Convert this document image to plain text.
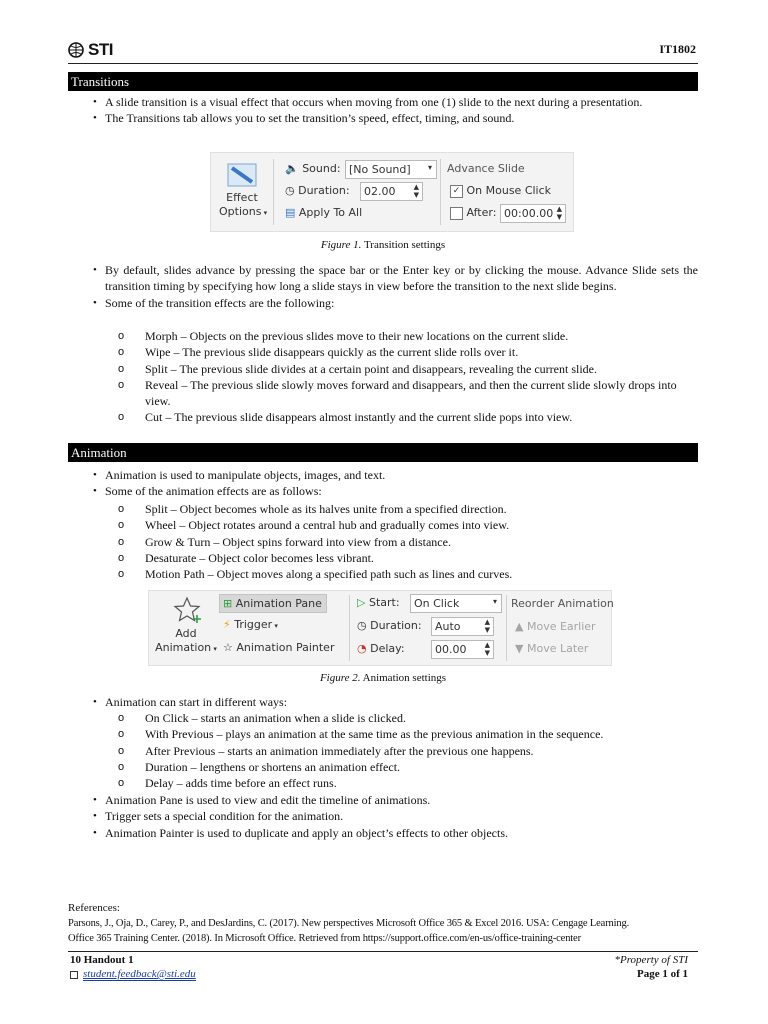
STI	IT1802
Transitions
• A slide transition is a visual effect that occurs when moving from one (1) slide to the next during a presentation.
• The Transitions tab allows you to set the transition’s speed, effect, timing, and sound.
Effect
Options ▾
🔈 Sound: [No Sound] ▾
◷ Duration:	02.00	▲
▼
▤ Apply To All
Advance Slide
✓ On Mouse Click
After: 00:00.00 ▲
▼
Figure 1. Transition settings
• By default, slides advance by pressing the space bar or the Enter key or by clicking the mouse. Advance Slide sets the transition timing by specifying how long a slide stays in view before the transition to the next slide begins.
• Some of the transition effects are the following:
o Morph – Objects on the previous slides move to their new locations on the current slide.
o Wipe – The previous slide disappears quickly as the current slide rolls over it.
o Split – The previous slide divides at a certain point and disappears, revealing the current slide.
o Reveal – The previous slide slowly moves forward and disappears, and then the current slide slowly drops into view.
o Cut – The previous slide disappears almost instantly and the current slide pops into view.
Animation
• Animation is used to manipulate objects, images, and text.
• Some of the animation effects are as follows:
o Split – Object becomes whole as its halves unite from a specified direction.
o Wheel – Object rotates around a central hub and gradually comes into view.
o Grow & Turn – Object spins forward into view from a distance.
o Desaturate – Object color becomes less vibrant.
o Motion Path – Object moves along a specified path such as lines and curves.
Add
Animation ▾
⊞ Animation Pane
⚡ Trigger ▾
☆ Animation Painter
▷ Start:	On Click	▾
◷ Duration:	Auto	▲
▼
◔ Delay:	00.00	▲
▼
Reorder Animation
▲ Move Earlier
▼ Move Later
Figure 2. Animation settings
• Animation can start in different ways:
o On Click – starts an animation when a slide is clicked.
o With Previous – plays an animation at the same time as the previous animation in the sequence.
o After Previous – starts an animation immediately after the previous one happens.
o Duration – lengthens or shortens an animation effect.
o Delay – adds time before an effect runs.
• Animation Pane is used to view and edit the timeline of animations.
• Trigger sets a special condition for the animation.
• Animation Painter is used to duplicate and apply an object’s effects to other objects.
References:
Parsons, J., Oja, D., Carey, P., and DesJardins, C. (2017). New perspectives Microsoft Office 365 & Excel 2016. USA: Cengage Learning.
Office 365 Training Center. (2018). In Microsoft Office. Retrieved from https://support.office.com/en-us/office-training-center
10 Handout 1
student.feedback@sti.edu
*Property of STI
Page 1 of 1
